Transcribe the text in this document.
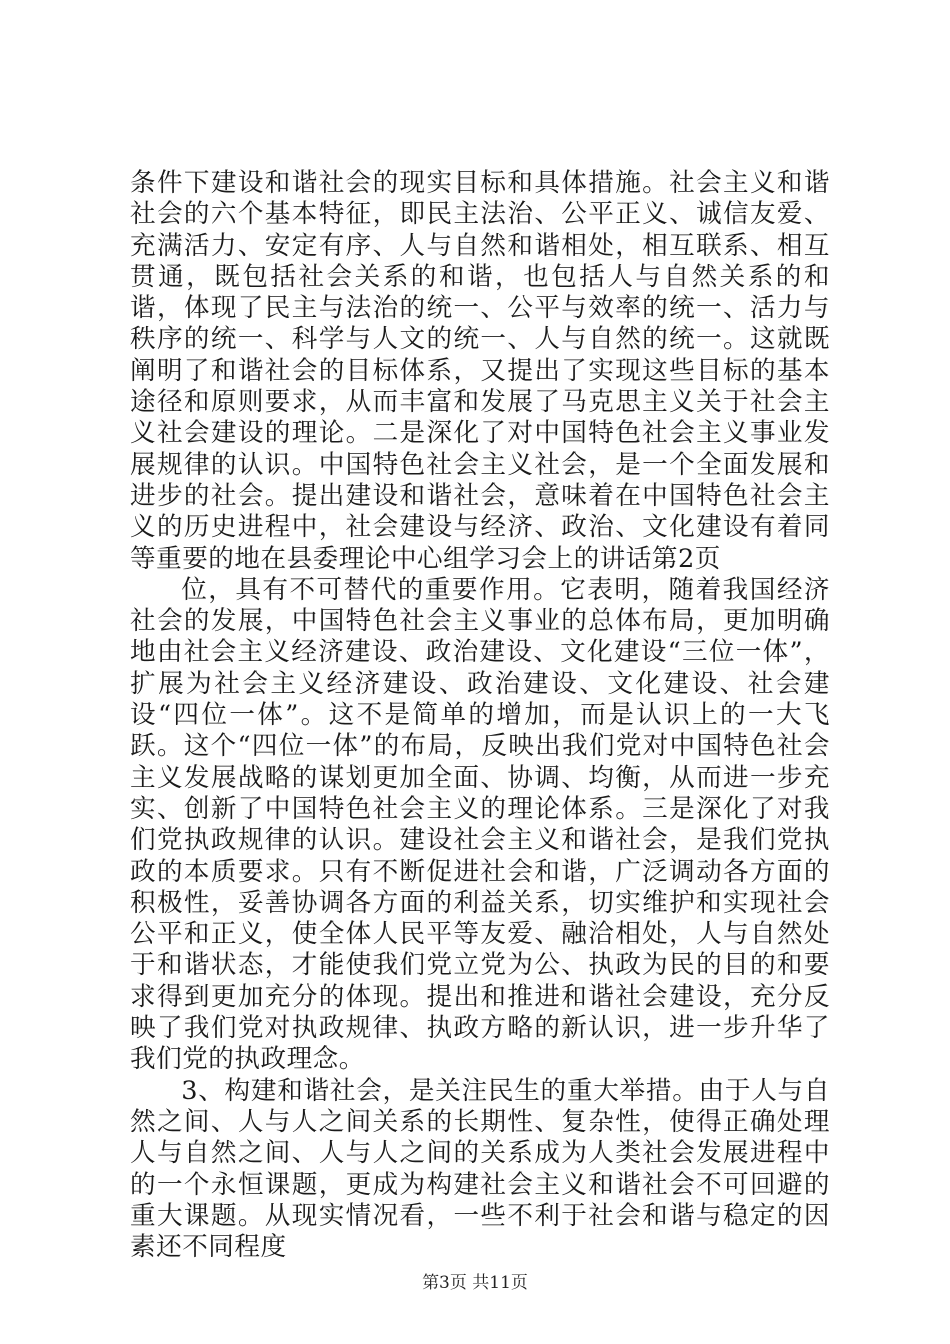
条件下建设和谐社会的现实目标和具体措施。社会主义和谐社会的六个基本特征，即民主法治、公平正义、诚信友爱、充满活力、安定有序、人与自然和谐相处，相互联系、相互贯通，既包括社会关系的和谐，也包括人与自然关系的和谐，体现了民主与法治的统一、公平与效率的统一、活力与秩序的统一、科学与人文的统一、人与自然的统一。这就既阐明了和谐社会的目标体系，又提出了实现这些目标的基本途径和原则要求，从而丰富和发展了马克思主义关于社会主义社会建设的理论。二是深化了对中国特色社会主义事业发展规律的认识。中国特色社会主义社会，是一个全面发展和进步的社会。提出建设和谐社会，意味着在中国特色社会主义的历史进程中，社会建设与经济、政治、文化建设有着同等重要的地在县委理论中心组学习会上的讲话第2页

位，具有不可替代的重要作用。它表明，随着我国经济社会的发展，中国特色社会主义事业的总体布局，更加明确地由社会主义经济建设、政治建设、文化建设“三位一体”，扩展为社会主义经济建设、政治建设、文化建设、社会建设“四位一体”。这不是简单的增加，而是认识上的一大飞跃。这个“四位一体”的布局，反映出我们党对中国特色社会主义发展战略的谋划更加全面、协调、均衡，从而进一步充实、创新了中国特色社会主义的理论体系。三是深化了对我们党执政规律的认识。建设社会主义和谐社会，是我们党执政的本质要求。只有不断促进社会和谐，广泛调动各方面的积极性，妥善协调各方面的利益关系，切实维护和实现社会公平和正义，使全体人民平等友爱、融洽相处，人与自然处于和谐状态，才能使我们党立党为公、执政为民的目的和要求得到更加充分的体现。提出和推进和谐社会建设，充分反映了我们党对执政规律、执政方略的新认识，进一步升华了我们党的执政理念。

3、构建和谐社会，是关注民生的重大举措。由于人与自然之间、人与人之间关系的长期性、复杂性，使得正确处理人与自然之间、人与人之间的关系成为人类社会发展进程中的一个永恒课题，更成为构建社会主义和谐社会不可回避的重大课题。从现实情况看，一些不利于社会和谐与稳定的因素还不同程度

第3页 共11页
